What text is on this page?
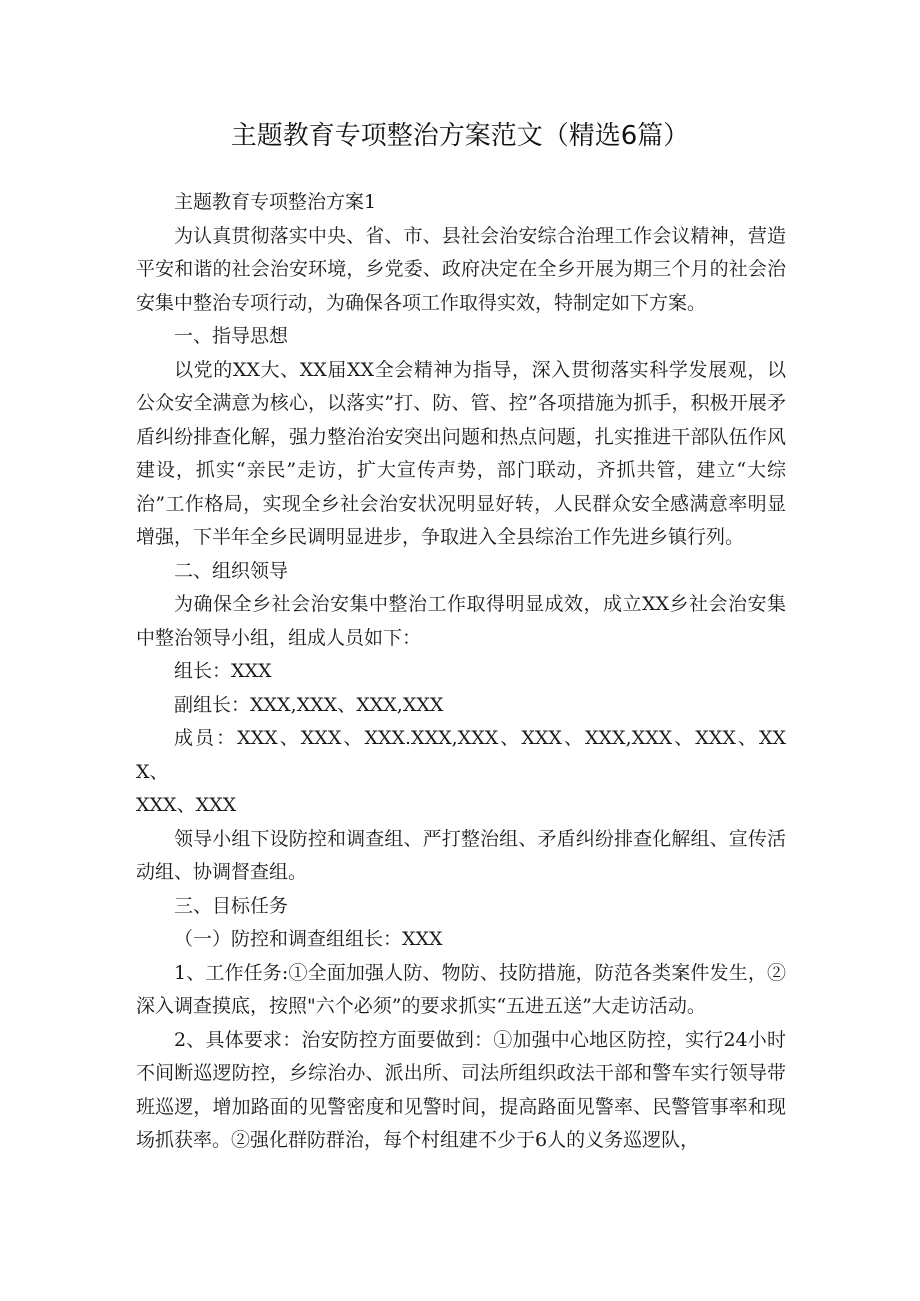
主题教育专项整治方案范文（精选6篇）

主题教育专项整治方案1

为认真贯彻落实中央、省、市、县社会治安综合治理工作会议精神，营造平安和谐的社会治安环境，乡党委、政府决定在全乡开展为期三个月的社会治安集中整治专项行动，为确保各项工作取得实效，特制定如下方案。

一、指导思想

以党的XX大、XX届XX全会精神为指导，深入贯彻落实科学发展观，以公众安全满意为核心，以落实”打、防、管、控”各项措施为抓手，积极开展矛盾纠纷排查化解，强力整治治安突出问题和热点问题，扎实推进干部队伍作风建设，抓实“亲民”走访，扩大宣传声势，部门联动，齐抓共管，建立“大综治”工作格局，实现全乡社会治安状况明显好转，人民群众安全感满意率明显增强，下半年全乡民调明显进步，争取进入全县综治工作先进乡镇行列。

二、组织领导

为确保全乡社会治安集中整治工作取得明显成效，成立XX乡社会治安集中整治领导小组，组成人员如下：

组长：XXX

副组长：XXX,XXX、XXX,XXX

成员：XXX、XXX、XXX.XXX,XXX、XXX、XXX,XXX、XXX、XXX、

XXX、XXX

领导小组下设防控和调查组、严打整治组、矛盾纠纷排查化解组、宣传活动组、协调督查组。

三、目标任务

（一）防控和调查组组长：XXX

1、工作任务:①全面加强人防、物防、技防措施，防范各类案件发生，②深入调查摸底，按照"六个必须”的要求抓实“五进五送”大走访活动。

2、具体要求：治安防控方面要做到：①加强中心地区防控，实行24小时不间断巡逻防控，乡综治办、派出所、司法所组织政法干部和警车实行领导带班巡逻，增加路面的见警密度和见警时间，提高路面见警率、民警管事率和现场抓获率。②强化群防群治，每个村组建不少于6人的义务巡逻队，
